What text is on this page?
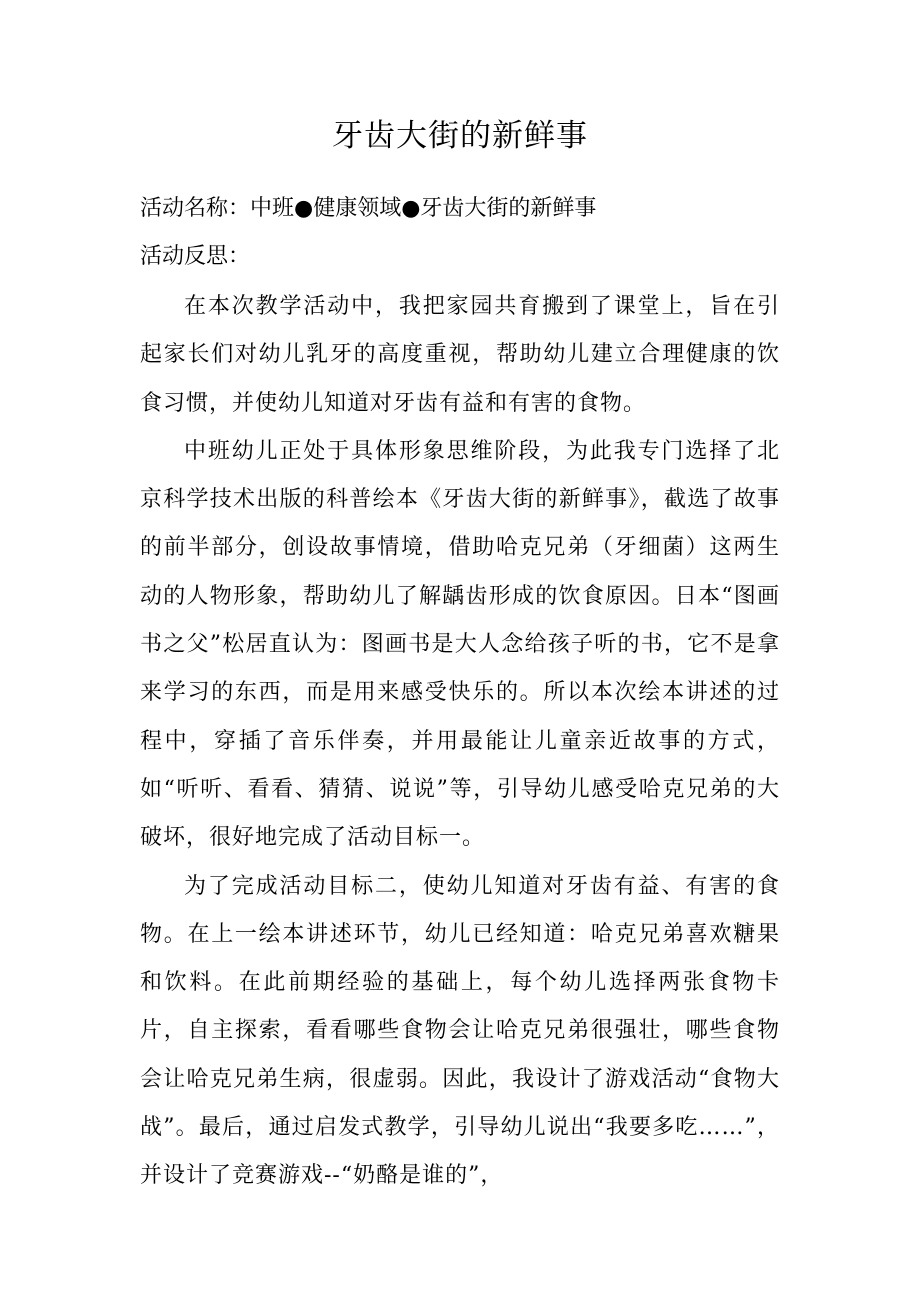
牙齿大街的新鲜事
活动名称：中班●健康领域●牙齿大街的新鲜事
活动反思：

在本次教学活动中，我把家园共育搬到了课堂上，旨在引起家长们对幼儿乳牙的高度重视，帮助幼儿建立合理健康的饮食习惯，并使幼儿知道对牙齿有益和有害的食物。

中班幼儿正处于具体形象思维阶段，为此我专门选择了北京科学技术出版的科普绘本《牙齿大街的新鲜事》，截选了故事的前半部分，创设故事情境，借助哈克兄弟（牙细菌）这两生动的人物形象，帮助幼儿了解龋齿形成的饮食原因。日本“图画书之父”松居直认为：图画书是大人念给孩子听的书，它不是拿来学习的东西，而是用来感受快乐的。所以本次绘本讲述的过程中，穿插了音乐伴奏，并用最能让儿童亲近故事的方式，如“听听、看看、猜猜、说说”等，引导幼儿感受哈克兄弟的大破坏，很好地完成了活动目标一。

为了完成活动目标二，使幼儿知道对牙齿有益、有害的食物。在上一绘本讲述环节，幼儿已经知道：哈克兄弟喜欢糖果和饮料。在此前期经验的基础上，每个幼儿选择两张食物卡片，自主探索，看看哪些食物会让哈克兄弟很强壮，哪些食物会让哈克兄弟生病，很虚弱。因此，我设计了游戏活动“食物大战”。最后，通过启发式教学，引导幼儿说出“我要多吃……”，并设计了竞赛游戏--“奶酪是谁的”，
